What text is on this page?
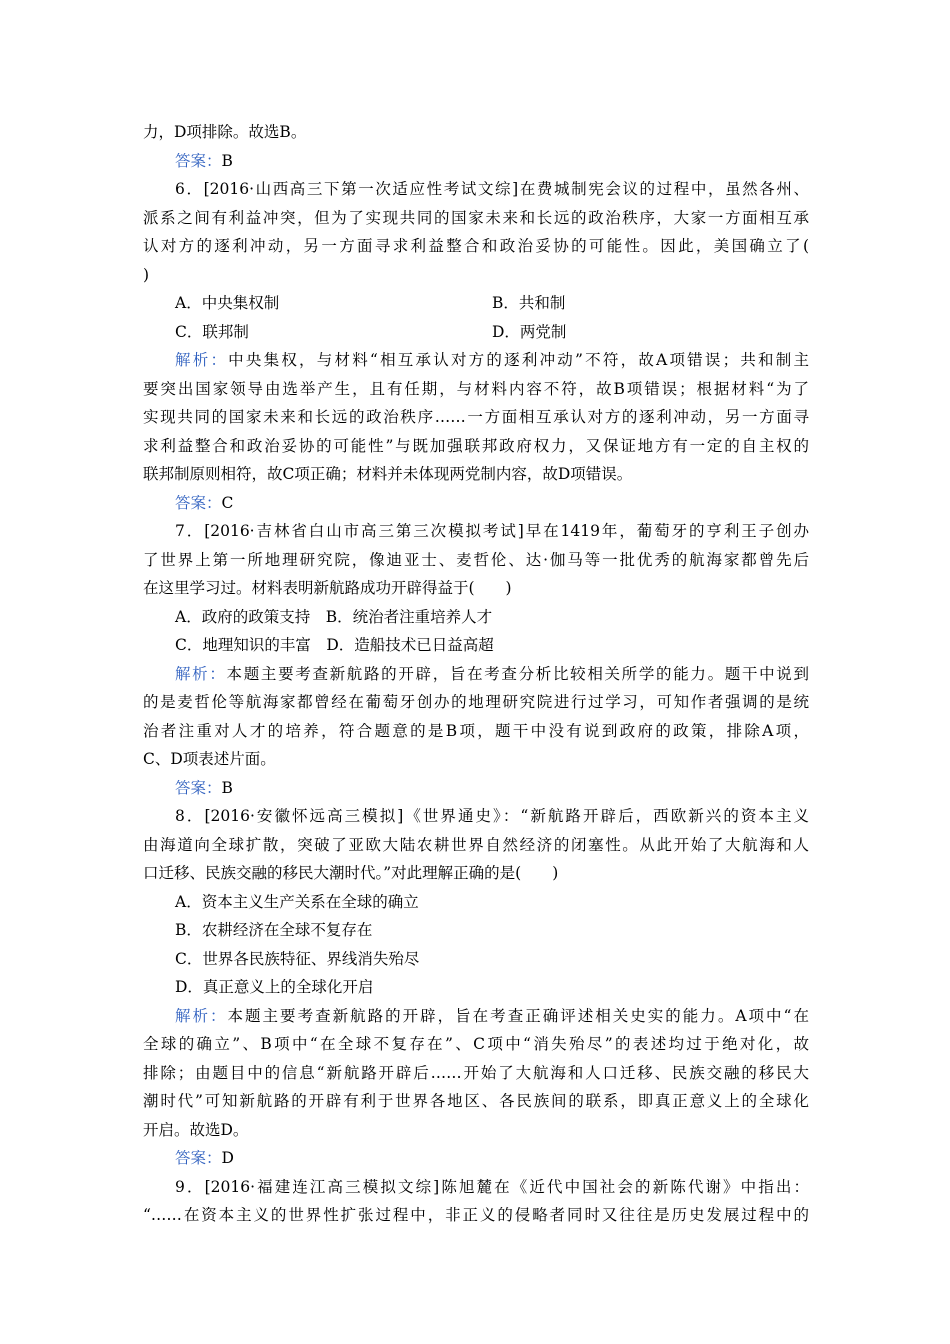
力，D项排除。故选B。
答案：B
6．[2016·山西高三下第一次适应性考试文综]在费城制宪会议的过程中，虽然各州、
派系之间有利益冲突，但为了实现共同的国家未来和长远的政治秩序，大家一方面相互承
认对方的逐利冲动，另一方面寻求利益整合和政治妥协的可能性。因此，美国确立了(
)
A．中央集权制	B．共和制
C．联邦制	D．两党制
解析：中央集权，与材料“相互承认对方的逐利冲动”不符，故A项错误；共和制主
要突出国家领导由选举产生，且有任期，与材料内容不符，故B项错误；根据材料“为了
实现共同的国家未来和长远的政治秩序……一方面相互承认对方的逐利冲动，另一方面寻
求利益整合和政治妥协的可能性”与既加强联邦政府权力，又保证地方有一定的自主权的
联邦制原则相符，故C项正确；材料并未体现两党制内容，故D项错误。
答案：C
7．[2016·吉林省白山市高三第三次模拟考试]早在1419年，葡萄牙的亨利王子创办
了世界上第一所地理研究院，像迪亚士、麦哲伦、达·伽马等一批优秀的航海家都曾先后
在这里学习过。材料表明新航路成功开辟得益于(　　)
A．政府的政策支持　B．统治者注重培养人才
C．地理知识的丰富　D．造船技术已日益高超
解析：本题主要考查新航路的开辟，旨在考查分析比较相关所学的能力。题干中说到
的是麦哲伦等航海家都曾经在葡萄牙创办的地理研究院进行过学习，可知作者强调的是统
治者注重对人才的培养，符合题意的是B项，题干中没有说到政府的政策，排除A项，
C、D项表述片面。
答案：B
8．[2016·安徽怀远高三模拟]《世界通史》：“新航路开辟后，西欧新兴的资本主义
由海道向全球扩散，突破了亚欧大陆农耕世界自然经济的闭塞性。从此开始了大航海和人
口迁移、民族交融的移民大潮时代。”对此理解正确的是(　　)
A．资本主义生产关系在全球的确立
B．农耕经济在全球不复存在
C．世界各民族特征、界线消失殆尽
D．真正意义上的全球化开启
解析：本题主要考查新航路的开辟，旨在考查正确评述相关史实的能力。A项中“在
全球的确立”、B项中“在全球不复存在”、C项中“消失殆尽”的表述均过于绝对化，故
排除；由题目中的信息“新航路开辟后……开始了大航海和人口迁移、民族交融的移民大
潮时代”可知新航路的开辟有利于世界各地区、各民族间的联系，即真正意义上的全球化
开启。故选D。
答案：D
9．[2016·福建连江高三模拟文综]陈旭麓在《近代中国社会的新陈代谢》中指出：
“……在资本主义的世界性扩张过程中，非正义的侵略者同时又往往是历史发展过程中的
